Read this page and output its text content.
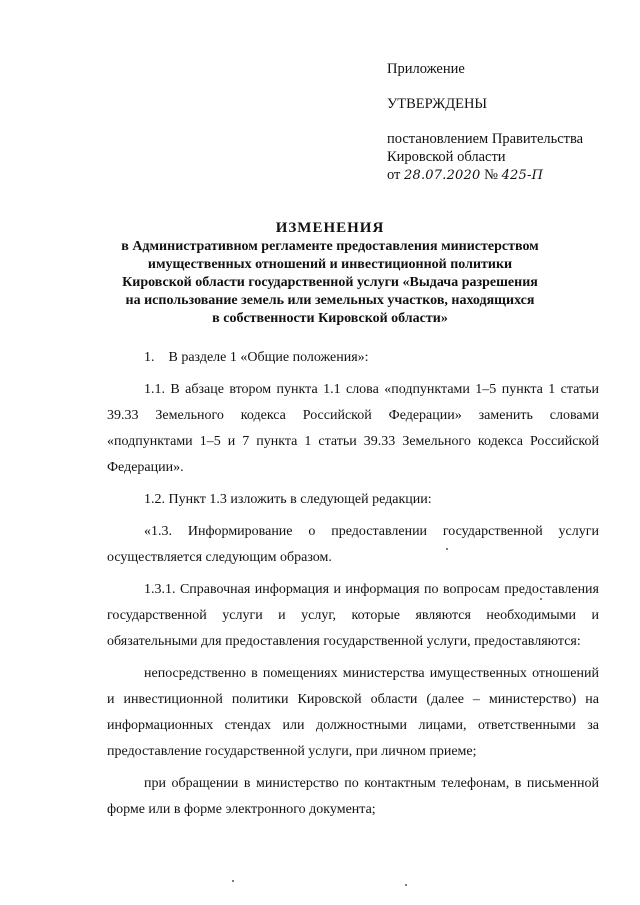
Приложение
УТВЕРЖДЕНЫ
постановлением Правительства
Кировской области
от 28.07.2020 № 425-П
ИЗМЕНЕНИЯ
в Административном регламенте предоставления министерством
имущественных отношений и инвестиционной политики
Кировской области государственной услуги «Выдача разрешения
на использование земель или земельных участков, находящихся
в собственности Кировской области»

1. В разделе 1 «Общие положения»:

1.1. В абзаце втором пункта 1.1 слова «подпунктами 1–5 пункта 1 статьи 39.33 Земельного кодекса Российской Федерации» заменить словами «подпунктами 1–5 и 7 пункта 1 статьи 39.33 Земельного кодекса Российской Федерации».

1.2. Пункт 1.3 изложить в следующей редакции:

«1.3. Информирование о предоставлении государственной услуги осуществляется следующим образом.

1.3.1. Справочная информация и информация по вопросам предоставления государственной услуги и услуг, которые являются необходимыми и обязательными для предоставления государственной услуги, предоставляются:

непосредственно в помещениях министерства имущественных отношений и инвестиционной политики Кировской области (далее – министерство) на информационных стендах или должностными лицами, ответственными за предоставление государственной услуги, при личном приеме;

при обращении в министерство по контактным телефонам, в письменной форме или в форме электронного документа;
